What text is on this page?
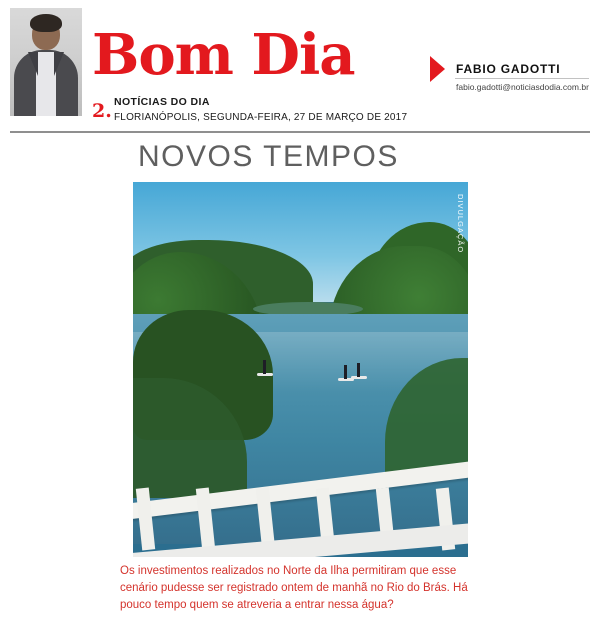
Bom Dia
2. NOTÍCIAS DO DIA
FLORIANÓPOLIS, SEGUNDA-FEIRA, 27 DE MARÇO DE 2017
FABIO GADOTTI
fabio.gadotti@noticiasdodia.com.br
NOVOS TEMPOS
DIVULGAÇÃO
Os investimentos realizados no Norte da Ilha permitiram que esse cenário pudesse ser registrado ontem de manhã no Rio do Brás. Há pouco tempo quem se atreveria a entrar nessa água?
